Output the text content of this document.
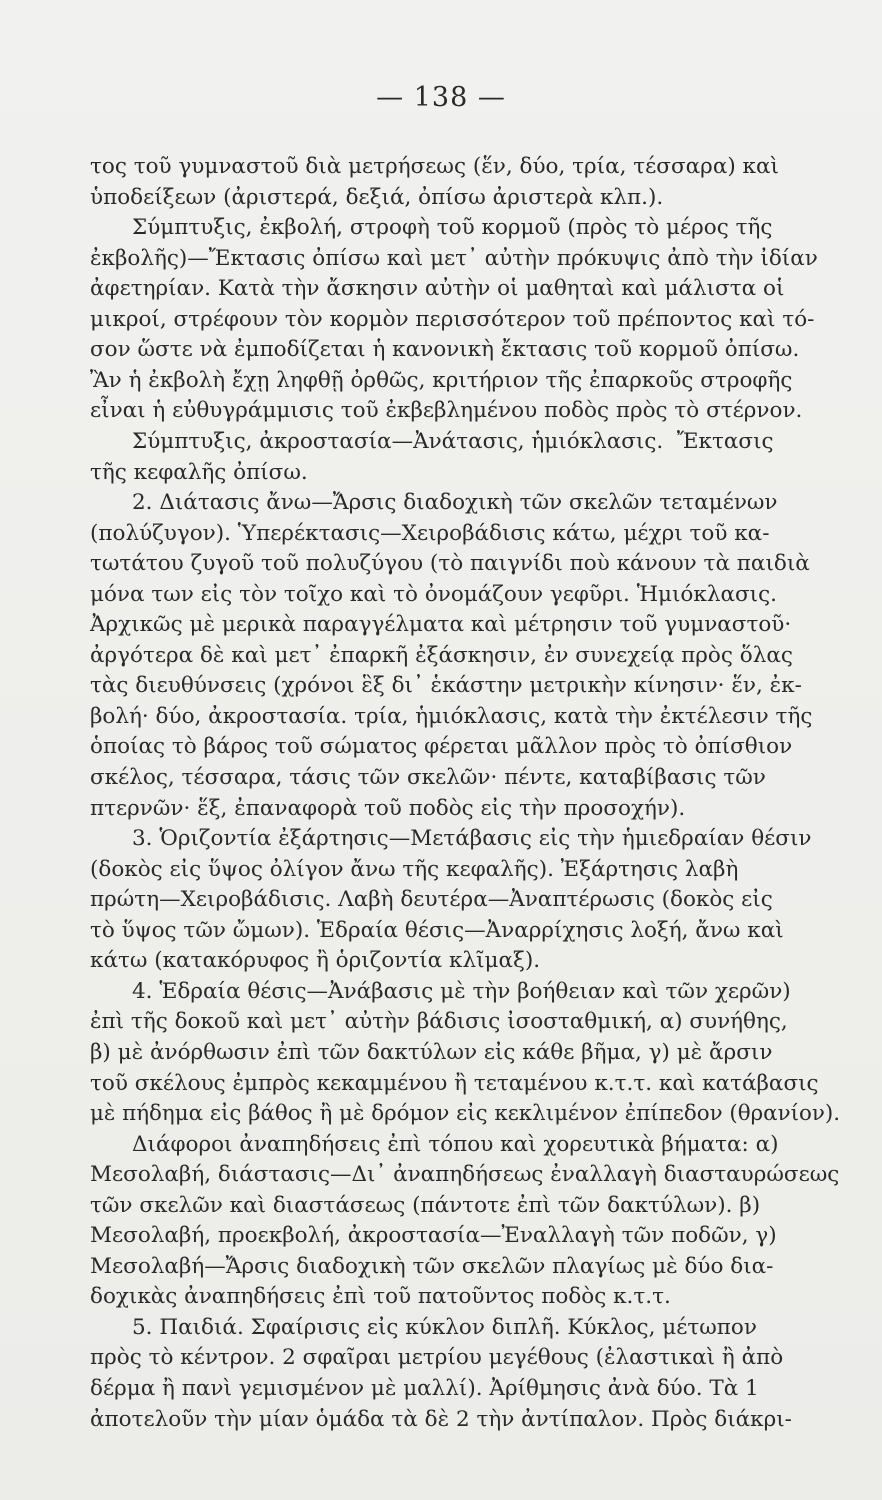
— 138 —
τος τοῦ γυμναστοῦ διὰ μετρήσεως (ἕν, δύο, τρία, τέσσαρα) καὶ
ὑποδείξεων (ἀριστερά, δεξιά, ὀπίσω ἀριστερὰ κλπ.).
Σύμπτυξις, ἐκβολή, στροφὴ τοῦ κορμοῦ (πρὸς τὸ μέρος τῆς
ἐκβολῆς)—Ἔκτασις ὀπίσω καὶ μετ᾽ αὐτὴν πρόκυψις ἀπὸ τὴν ἰδίαν
ἀφετηρίαν. Κατὰ τὴν ἄσκησιν αὐτὴν οἱ μαθηταὶ καὶ μάλιστα οἱ
μικροί, στρέφουν τὸν κορμὸν περισσότερον τοῦ πρέποντος καὶ τό-
σον ὥστε νὰ ἐμποδίζεται ἡ κανονικὴ ἔκτασις τοῦ κορμοῦ ὀπίσω.
Ἂν ἡ ἐκβολὴ ἔχῃ ληφθῇ ὀρθῶς, κριτήριον τῆς ἐπαρκοῦς στροφῆς
εἶναι ἡ εὐθυγράμμισις τοῦ ἐκβεβλημένου ποδὸς πρὸς τὸ στέρνον.
Σύμπτυξις, ἀκροστασία—Ἀνάτασις, ἡμιόκλασις.  Ἔκτασις
τῆς κεφαλῆς ὀπίσω.
2. Διάτασις ἄνω—Ἄρσις διαδοχικὴ τῶν σκελῶν τεταμένων
(πολύζυγον). Ὑπερέκτασις—Χειροβάδισις κάτω, μέχρι τοῦ κα-
τωτάτου ζυγοῦ τοῦ πολυζύγου (τὸ παιγνίδι ποὺ κάνουν τὰ παιδιὰ
μόνα των εἰς τὸν τοῖχο καὶ τὸ ὀνομάζουν γεφῦρι. Ἡμιόκλασις.
Ἀρχικῶς μὲ μερικὰ παραγγέλματα καὶ μέτρησιν τοῦ γυμναστοῦ·
ἀργότερα δὲ καὶ μετ᾽ ἐπαρκῆ ἐξάσκησιν, ἐν συνεχείᾳ πρὸς ὅλας
τὰς διευθύνσεις (χρόνοι ἓξ δι᾽ ἑκάστην μετρικὴν κίνησιν· ἕν, ἐκ-
βολή· δύο, ἀκροστασία. τρία, ἡμιόκλασις, κατὰ τὴν ἐκτέλεσιν τῆς
ὁποίας τὸ βάρος τοῦ σώματος φέρεται μᾶλλον πρὸς τὸ ὀπίσθιον
σκέλος, τέσσαρα, τάσις τῶν σκελῶν· πέντε, καταβίβασις τῶν
πτερνῶν· ἕξ, ἐπαναφορὰ τοῦ ποδὸς εἰς τὴν προσοχήν).
3. Ὁριζοντία ἐξάρτησις—Μετάβασις εἰς τὴν ἡμιεδραίαν θέσιν
(δοκὸς εἰς ὕψος ὀλίγον ἄνω τῆς κεφαλῆς). Ἐξάρτησις λαβὴ
πρώτη—Χειροβάδισις. Λαβὴ δευτέρα—Ἀναπτέρωσις (δοκὸς εἰς
τὸ ὕψος τῶν ὤμων). Ἑδραία θέσις—Ἀναρρίχησις λοξή, ἄνω καὶ
κάτω (κατακόρυφος ἢ ὁριζοντία κλῖμαξ).
4. Ἑδραία θέσις—Ἀνάβασις μὲ τὴν βοήθειαν καὶ τῶν χερῶν)
ἐπὶ τῆς δοκοῦ καὶ μετ᾽ αὐτὴν βάδισις ἰσοσταθμική, α) συνήθης,
β) μὲ ἀνόρθωσιν ἐπὶ τῶν δακτύλων εἰς κάθε βῆμα, γ) μὲ ἄρσιν
τοῦ σκέλους ἐμπρὸς κεκαμμένου ἢ τεταμένου κ.τ.τ. καὶ κατάβασις
μὲ πήδημα εἰς βάθος ἢ μὲ δρόμον εἰς κεκλιμένον ἐπίπεδον (θρανίον).
Διάφοροι ἀναπηδήσεις ἐπὶ τόπου καὶ χορευτικὰ βήματα: α)
Μεσολαβή, διάστασις—Δι᾽ ἀναπηδήσεως ἐναλλαγὴ διασταυρώσεως
τῶν σκελῶν καὶ διαστάσεως (πάντοτε ἐπὶ τῶν δακτύλων). β)
Μεσολαβή, προεκβολή, ἀκροστασία—Ἐναλλαγὴ τῶν ποδῶν, γ)
Μεσολαβή—Ἄρσις διαδοχικὴ τῶν σκελῶν πλαγίως μὲ δύο δια-
δοχικὰς ἀναπηδήσεις ἐπὶ τοῦ πατοῦντος ποδὸς κ.τ.τ.
5. Παιδιά. Σφαίρισις εἰς κύκλον διπλῆ. Κύκλος, μέτωπον
πρὸς τὸ κέντρον. 2 σφαῖραι μετρίου μεγέθους (ἐλαστικαὶ ἢ ἀπὸ
δέρμα ἢ πανὶ γεμισμένον μὲ μαλλί). Ἀρίθμησις ἀνὰ δύο. Τὰ 1
ἀποτελοῦν τὴν μίαν ὁμάδα τὰ δὲ 2 τὴν ἀντίπαλον. Πρὸς διάκρι-
